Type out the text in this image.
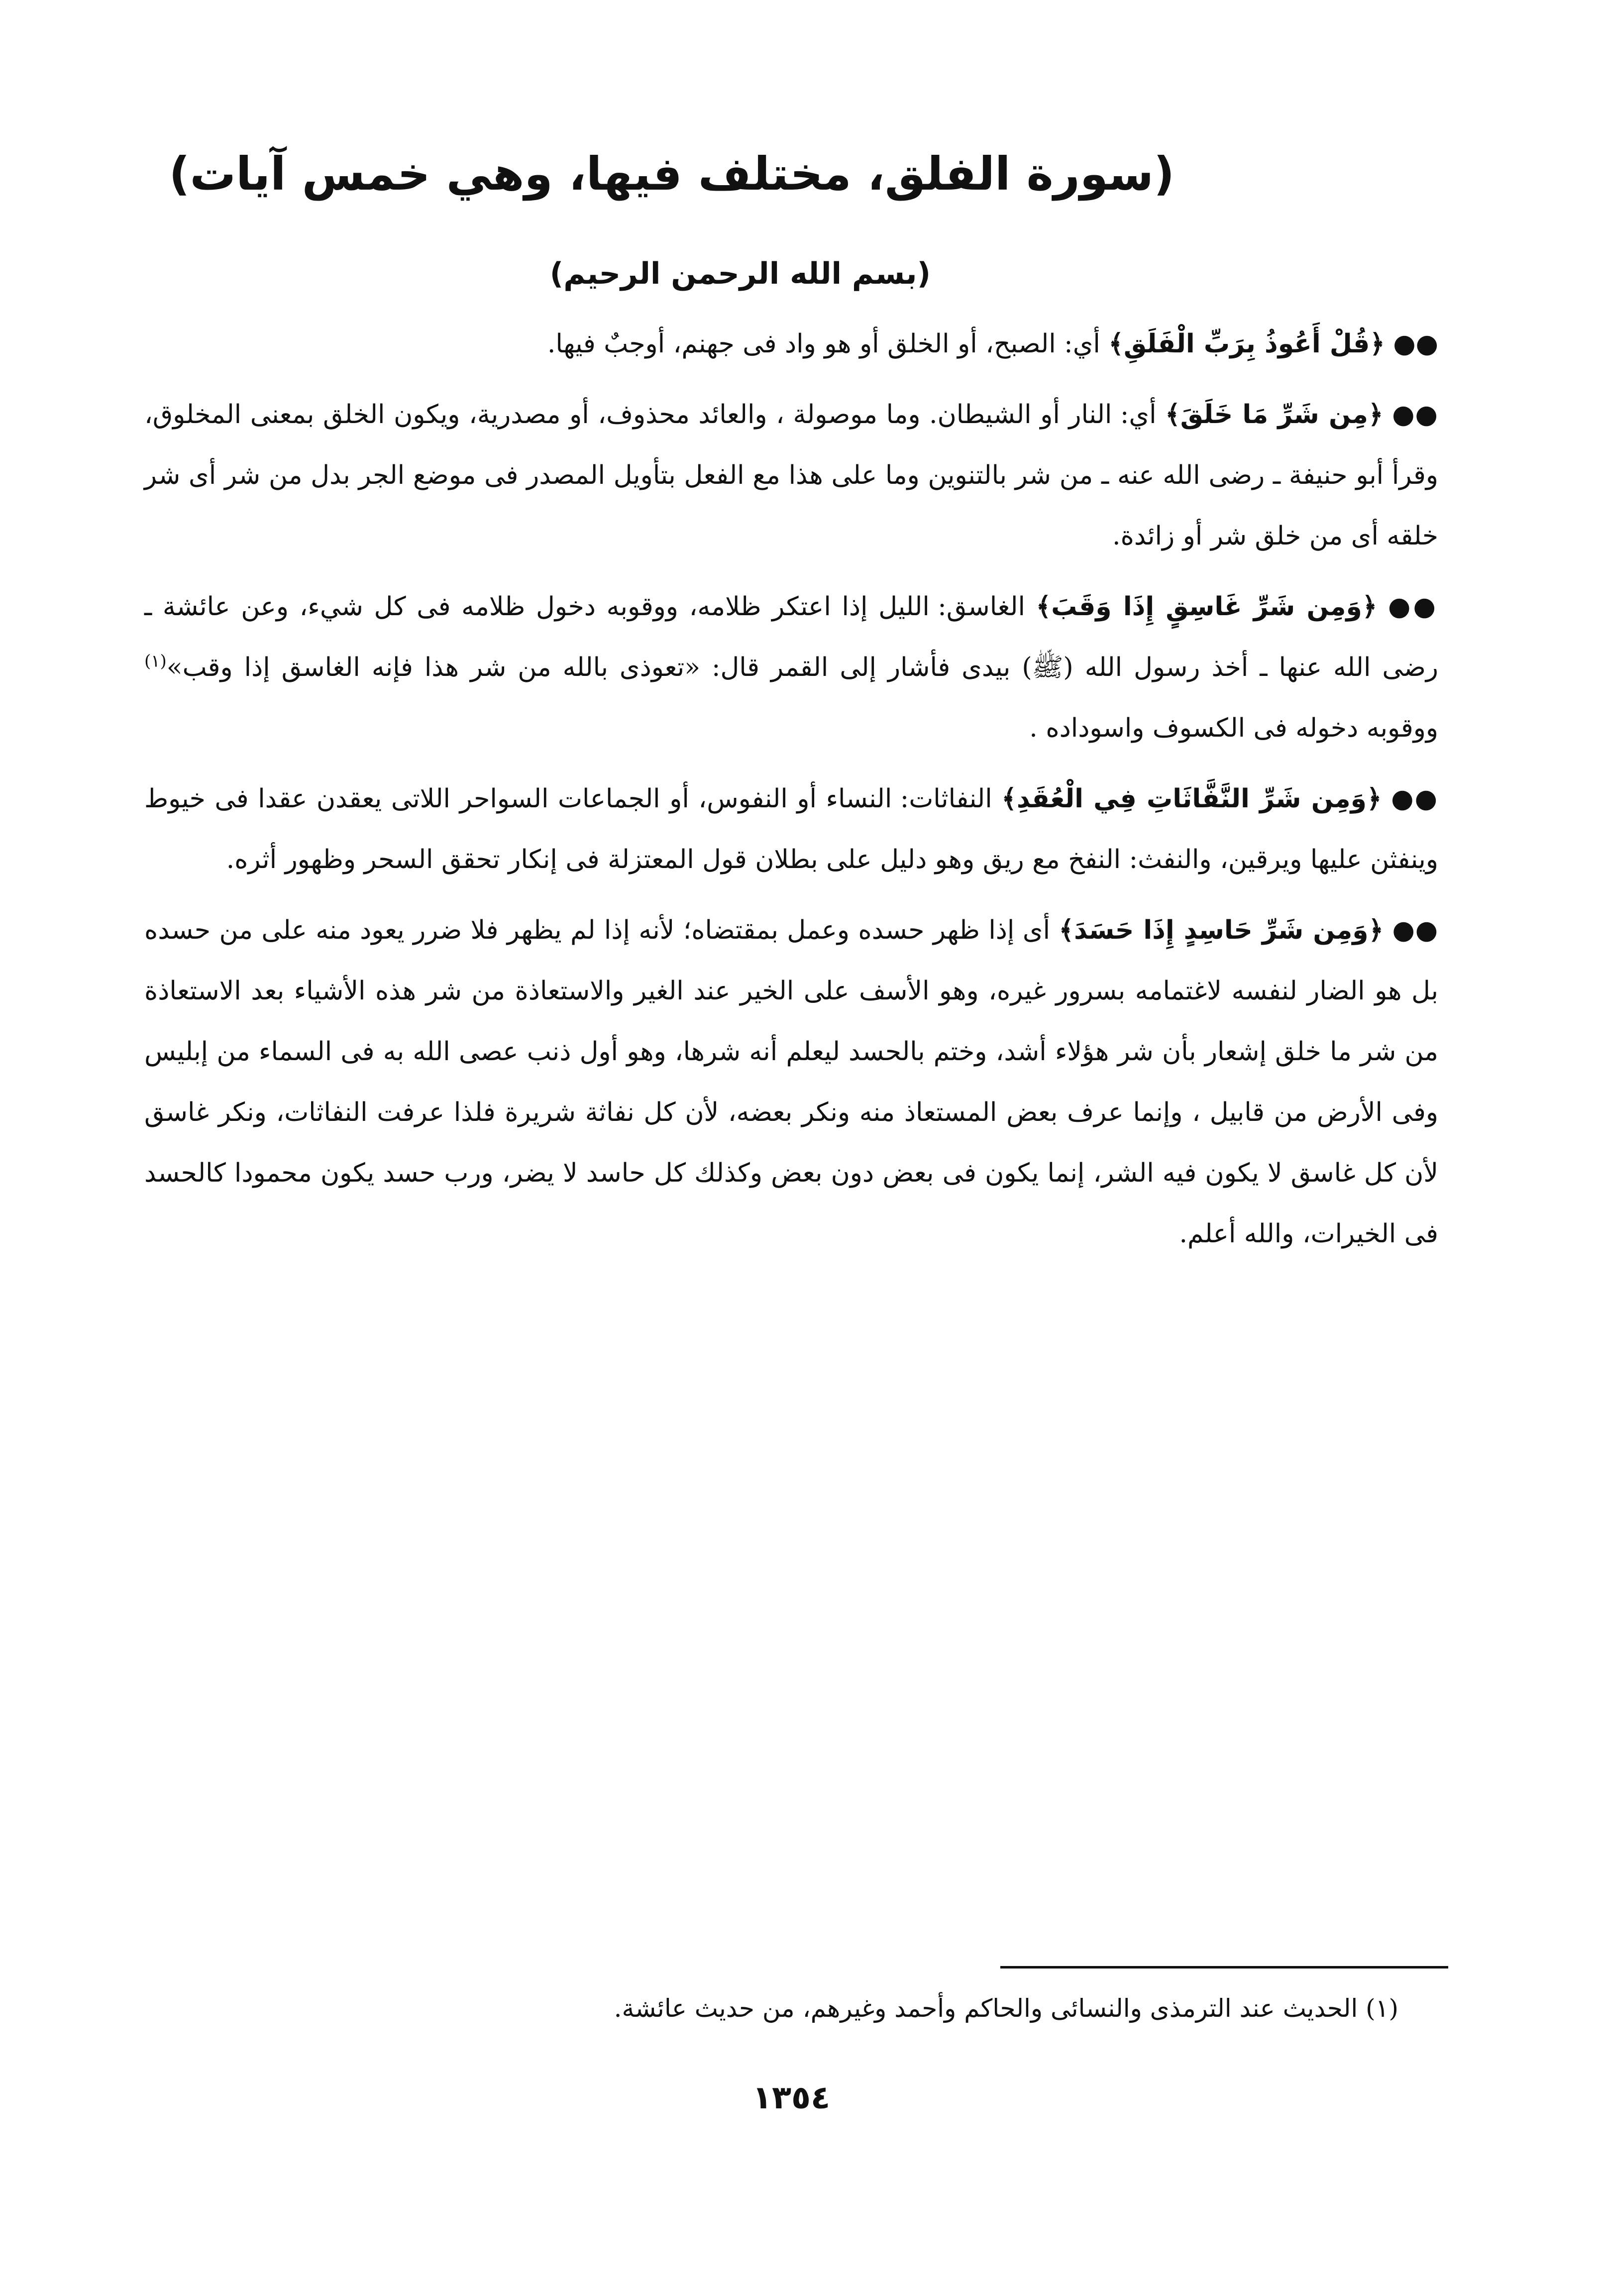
(سورة الفلق، مختلف فيها، وهي خمس آيات)
(بسم الله الرحمن الرحيم)

●● ﴿قُلْ أَعُوذُ بِرَبِّ الْفَلَقِ﴾ أي: الصبح، أو الخلق أو هو واد فى جهنم، أوجبٌ فيها.

●● ﴿مِن شَرِّ مَا خَلَقَ﴾ أي: النار أو الشيطان. وما موصولة ، والعائد محذوف، أو مصدرية، ويكون الخلق بمعنى المخلوق، وقرأ أبو حنيفة ـ رضى الله عنه ـ من شر بالتنوين وما على هذا مع الفعل بتأويل المصدر فى موضع الجر بدل من شر أى شر خلقه أى من خلق شر أو زائدة.

●● ﴿وَمِن شَرِّ غَاسِقٍ إِذَا وَقَبَ﴾ الغاسق: الليل إذا اعتكر ظلامه، ووقوبه دخول ظلامه فى كل شيء، وعن عائشة ـ رضى الله عنها ـ أخذ رسول الله (ﷺ) بيدى فأشار إلى القمر قال: «تعوذى بالله من شر هذا فإنه الغاسق إذا وقب»$^{(١)}$ ووقوبه دخوله فى الكسوف واسوداده .

●● ﴿وَمِن شَرِّ النَّفَّاثَاتِ فِي الْعُقَدِ﴾ النفاثات: النساء أو النفوس، أو الجماعات السواحر اللاتى يعقدن عقدا فى خيوط وينفثن عليها ويرقين، والنفث: النفخ مع ريق وهو دليل على بطلان قول المعتزلة فى إنكار تحقق السحر وظهور أثره.

●● ﴿وَمِن شَرِّ حَاسِدٍ إِذَا حَسَدَ﴾ أى إذا ظهر حسده وعمل بمقتضاه؛ لأنه إذا لم يظهر فلا ضرر يعود منه على من حسده بل هو الضار لنفسه لاغتمامه بسرور غيره، وهو الأسف على الخير عند الغير والاستعاذة من شر هذه الأشياء بعد الاستعاذة من شر ما خلق إشعار بأن شر هؤلاء أشد، وختم بالحسد ليعلم أنه شرها، وهو أول ذنب عصى الله به فى السماء من إبليس وفى الأرض من قابيل ، وإنما عرف بعض المستعاذ منه ونكر بعضه، لأن كل نفاثة شريرة فلذا عرفت النفاثات، ونكر غاسق لأن كل غاسق لا يكون فيه الشر، إنما يكون فى بعض دون بعض وكذلك كل حاسد لا يضر، ورب حسد يكون محمودا كالحسد فى الخيرات، والله أعلم.

(١) الحديث عند الترمذى والنسائى والحاكم وأحمد وغيرهم، من حديث عائشة.
١٣٥٤
